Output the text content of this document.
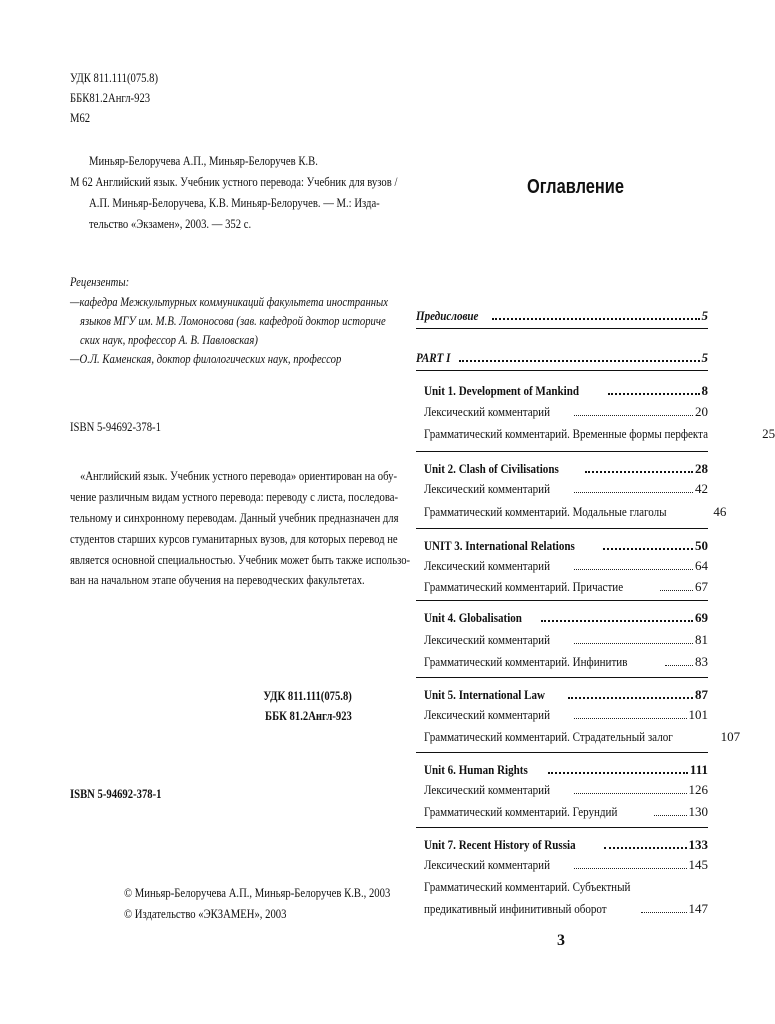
УДК 811.111(075.8)
ББК81.2Англ-923
М62
Миньяр-Белоручева А.П., Миньяр-Белоручев К.В.
М 62 Английский язык. Учебник устного перевода: Учебник для вузов /
А.П. Миньяр-Белоручева, К.В. Миньяр-Белоручев. — М.: Изда-
тельство «Экзамен», 2003. — 352 с.
Рецензенты:
—кафедра Межкультурных коммуникаций факультета иностранных
языков МГУ им. М.В. Ломоносова (зав. кафедрой доктор историче
ских наук, профессор А. В. Павловская)
—О.Л. Каменская, доктор филологических наук, профессор
ISBN 5-94692-378-1
«Английский язык. Учебник устного перевода» ориентирован на обу-
чение различным видам устного перевода: переводу с листа, последова-
тельному и синхронному переводам. Данный учебник предназначен для
студентов старших курсов гуманитарных вузов, для которых перевод не
является основной специальностью. Учебник может быть также использо-
ван на начальном этапе обучения на переводческих факультетах.
УДК 811.111(075.8)
ББК 81.2Англ-923
ISBN 5-94692-378-1
© Миньяр-Белоручева А.П., Миньяр-Белоручев К.В., 2003
© Издательство «ЭКЗАМЕН», 2003
Оглавление
Предисловие	5
PART I	5
Unit 1. Development of Mankind	8
Лексический комментарий	20
Грамматический комментарий. Временные формы перфекта	25
Unit 2. Clash of Civilisations	28
Лексический комментарий	42
Грамматический комментарий. Модальные глаголы	46
UNIT 3. International Relations	50
Лексический комментарий	64
Грамматический комментарий. Причастие	67
Unit 4. Globalisation	69
Лексический комментарий	81
Грамматический комментарий. Инфинитив	83
Unit 5. International Law	87
Лексический комментарий	101
Грамматический комментарий. Страдательный залог	107
Unit 6. Human Rights	111
Лексический комментарий	126
Грамматический комментарий. Герундий	130
Unit 7. Recent History of Russia	133
Лексический комментарий	145
Грамматический комментарий. Субъектный
предикативный инфинитивный оборот	147
3
